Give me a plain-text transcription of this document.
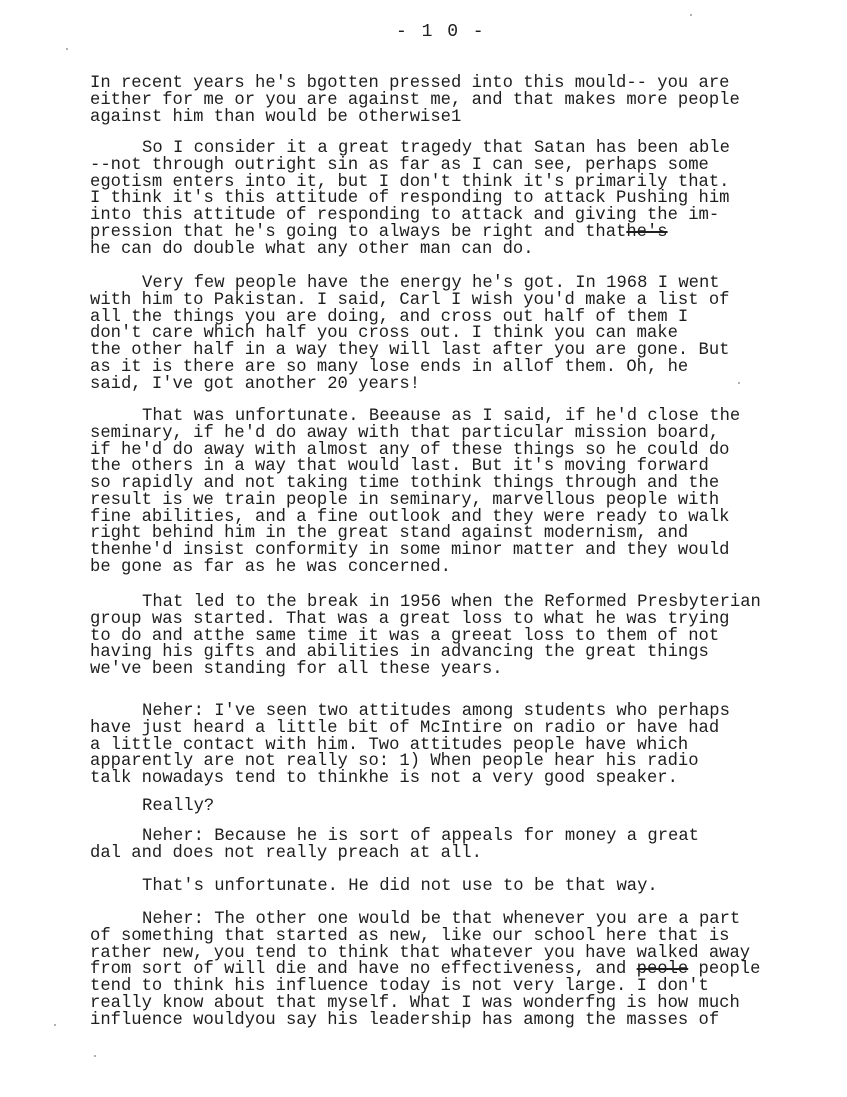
- 1 0 -
In recent years he's bgotten pressed into this mould-- you are
either for me or you are against me, and that makes more people
against him than would be otherwise1
So I consider it a great tragedy that Satan has been able
--not through outright sin as far as I can see, perhaps some
egotism enters into it, but I don't think it's primarily that.
I think it's this attitude of responding to attack Pushing him
into this attitude of responding to attack and giving the im-
pression that he's going to always be right and thathe's
he can do double what any other man can do.
Very few people have the energy he's got. In 1968 I went
with him to Pakistan. I said, Carl I wish you'd make a list of
all the things you are doing, and cross out half of them I
don't care which half you cross out. I think you can make
the other half in a way they will last after you are gone. But
as it is there are so many lose ends in allof them. Oh, he
said, I've got another 20 years!
That was unfortunate. Beeause as I said, if he'd close the
seminary, if he'd do away with that particular mission board,
if he'd do away with almost any of these things so he could do
the others in a way that would last. But it's moving forward
so rapidly and not taking time tothink things through and the
result is we train people in seminary, marvellous people with
fine abilities, and a fine outlook and they were ready to walk
right behind him in the great stand against modernism, and
thenhe'd insist conformity in some minor matter and they would
be gone as far as he was concerned.
That led to the break in 1956 when the Reformed Presbyterian
group was started. That was a great loss to what he was trying
to do and atthe same time it was a greeat loss to them of not
having his gifts and abilities in advancing the great things
we've been standing for all these years.
Neher: I've seen two attitudes among students who perhaps
have just heard a little bit of McIntire on radio or have had
a little contact with him. Two attitudes people have which
apparently are not really so: 1) When people hear his radio
talk nowadays tend to thinkhe is not a very good speaker.
Really?
Neher: Because he is sort of appeals for money a great
dal and does not really preach at all.
That's unfortunate. He did not use to be that way.
Neher: The other one would be that whenever you are a part
of something that started as new, like our school here that is
rather new, you tend to think that whatever you have walked away
from sort of will die and have no effectiveness, and peole people
tend to think his influence today is not very large. I don't
really know about that myself. What I was wonderfng is how much
influence wouldyou say his leadership has among the masses of
